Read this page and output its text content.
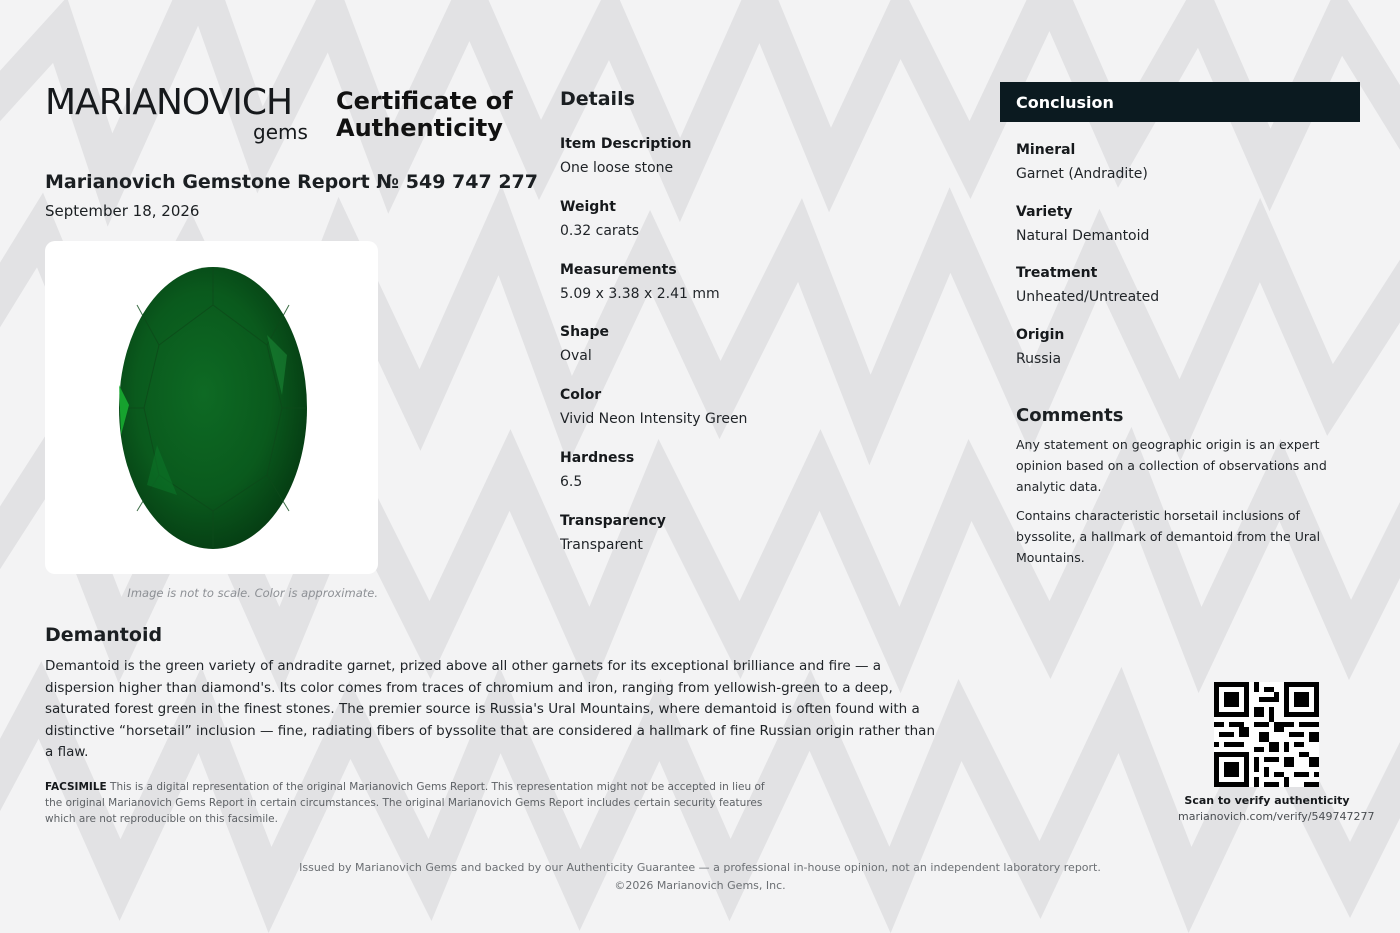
MARIANOVICH
gems
Certificate of Authenticity
Marianovich Gemstone Report № 549 747 277
September 18, 2026
Image is not to scale. Color is approximate.
Details
Item Description
One loose stone
Weight
0.32 carats
Measurements
5.09 x 3.38 x 2.41 mm
Shape
Oval
Color
Vivid Neon Intensity Green
Hardness
6.5
Transparency
Transparent
Conclusion
Mineral
Garnet (Andradite)
Variety
Natural Demantoid
Treatment
Unheated/Untreated
Origin
Russia
Comments
Any statement on geographic origin is an expert opinion based on a collection of observations and analytic data.
Contains characteristic horsetail inclusions of byssolite, a hallmark of demantoid from the Ural Mountains.
Demantoid
Demantoid is the green variety of andradite garnet, prized above all other garnets for its exceptional brilliance and fire — a dispersion higher than diamond's. Its color comes from traces of chromium and iron, ranging from yellowish-green to a deep, saturated forest green in the finest stones. The premier source is Russia's Ural Mountains, where demantoid is often found with a distinctive “horsetail” inclusion — fine, radiating fibers of byssolite that are considered a hallmark of fine Russian origin rather than a flaw.
FACSIMILE This is a digital representation of the original Marianovich Gems Report. This representation might not be accepted in lieu of the original Marianovich Gems Report in certain circumstances. The original Marianovich Gems Report includes certain security features which are not reproducible on this facsimile.
Scan to verify authenticity
marianovich.com/verify/549747277
Issued by Marianovich Gems and backed by our Authenticity Guarantee — a professional in-house opinion, not an independent laboratory report.
©2026 Marianovich Gems, Inc.
